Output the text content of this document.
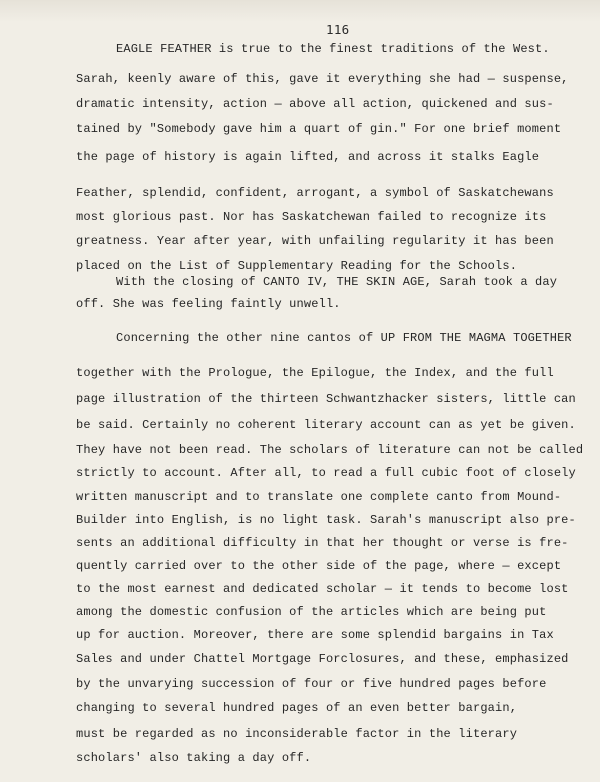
116
EAGLE FEATHER is true to the finest traditions of the West.
Sarah, keenly aware of this, gave it everything she had — suspense,
dramatic intensity, action — above all action, quickened and sus-
tained by "Somebody gave him a quart of gin." For one brief moment
the page of history is again lifted, and across it stalks Eagle
Feather, splendid, confident, arrogant, a symbol of Saskatchewans
most glorious past. Nor has Saskatchewan failed to recognize its
greatness. Year after year, with unfailing regularity it has been
placed on the List of Supplementary Reading for the Schools.
With the closing of CANTO IV, THE SKIN AGE, Sarah took a day
off. She was feeling faintly unwell.
Concerning the other nine cantos of UP FROM THE MAGMA TOGETHER
together with the Prologue, the Epilogue, the Index, and the full
page illustration of the thirteen Schwantzhacker sisters, little can
be said. Certainly no coherent literary account can as yet be given.
They have not been read. The scholars of literature can not be called
strictly to account. After all, to read a full cubic foot of closely
written manuscript and to translate one complete canto from Mound-
Builder into English, is no light task. Sarah's manuscript also pre-
sents an additional difficulty in that her thought or verse is fre-
quently carried over to the other side of the page, where — except
to the most earnest and dedicated scholar — it tends to become lost
among the domestic confusion of the articles which are being put
up for auction. Moreover, there are some splendid bargains in Tax
Sales and under Chattel Mortgage Forclosures, and these, emphasized
by the unvarying succession of four or five hundred pages before
changing to several hundred pages of an even better bargain,
must be regarded as no inconsiderable factor in the literary
scholars' also taking a day off.
